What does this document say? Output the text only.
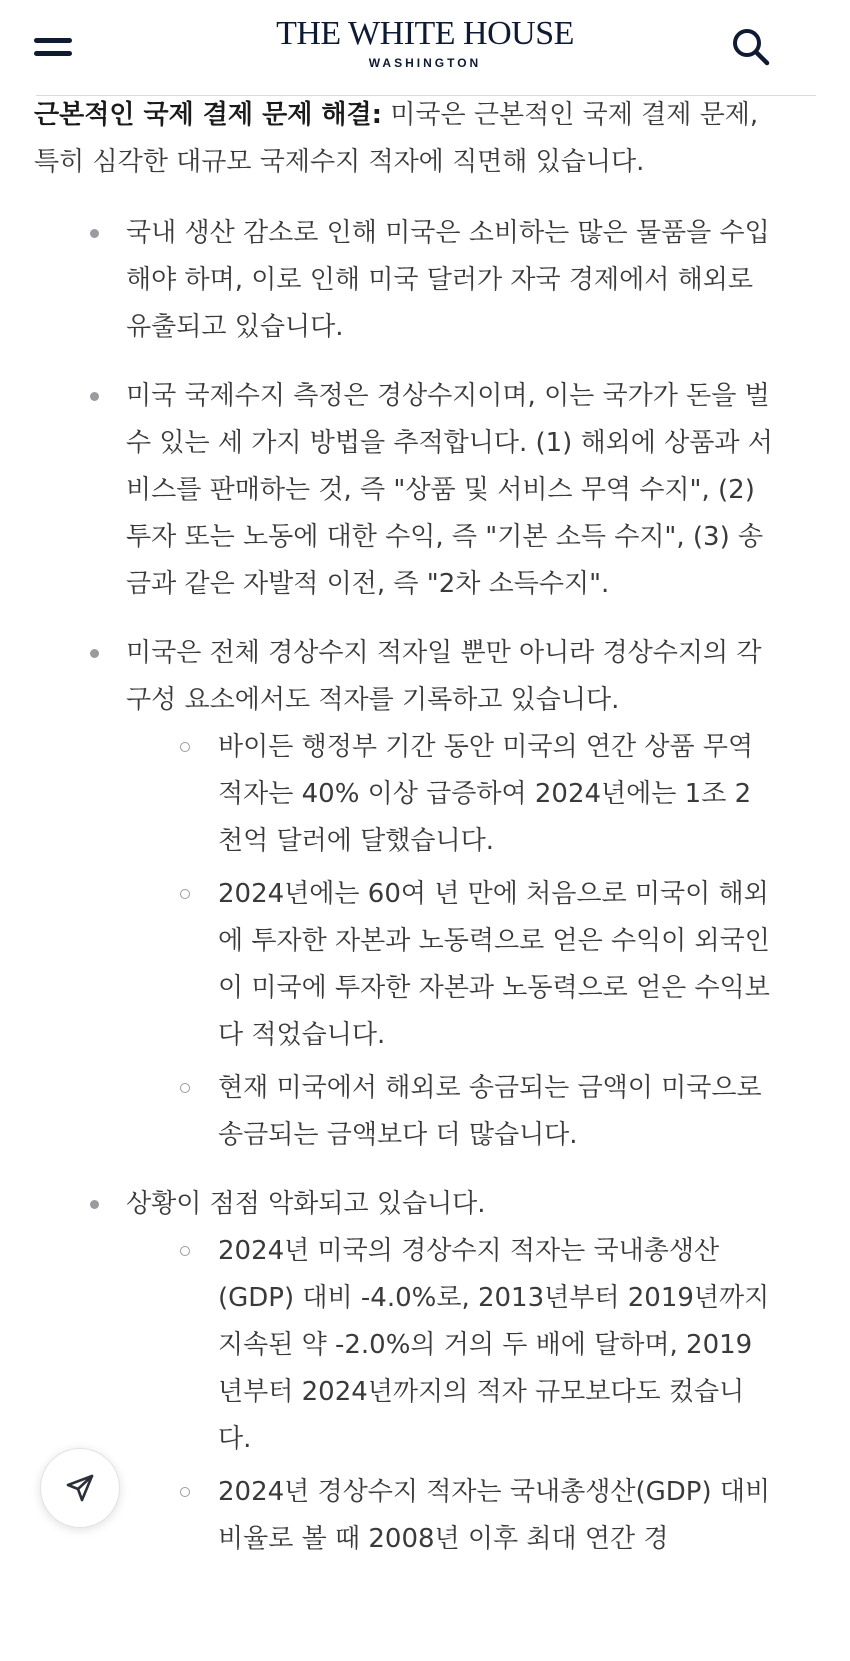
THE WHITE HOUSE
WASHINGTON

근본적인 국제 결제 문제 해결: 미국은 근본적인 국제 결제 문제, 특히 심각한 대규모 국제수지 적자에 직면해 있습니다.

국내 생산 감소로 인해 미국은 소비하는 많은 물품을 수입해야 하며, 이로 인해 미국 달러가 자국 경제에서 해외로 유출되고 있습니다.
미국 국제수지 측정은 경상수지이며, 이는 국가가 돈을 벌 수 있는 세 가지 방법을 추적합니다. (1) 해외에 상품과 서비스를 판매하는 것, 즉 "상품 및 서비스 무역 수지", (2) 투자 또는 노동에 대한 수익, 즉 "기본 소득 수지", (3) 송금과 같은 자발적 이전, 즉 "2차 소득수지".
미국은 전체 경상수지 적자일 뿐만 아니라 경상수지의 각 구성 요소에서도 적자를 기록하고 있습니다.
바이든 행정부 기간 동안 미국의 연간 상품 무역 적자는 40% 이상 급증하여 2024년에는 1조 2천억 달러에 달했습니다.
2024년에는 60여 년 만에 처음으로 미국이 해외에 투자한 자본과 노동력으로 얻은 수익이 외국인이 미국에 투자한 자본과 노동력으로 얻은 수익보다 적었습니다.
현재 미국에서 해외로 송금되는 금액이 미국으로 송금되는 금액보다 더 많습니다.
상황이 점점 악화되고 있습니다.
2024년 미국의 경상수지 적자는 국내총생산(GDP) 대비 -4.0%로, 2013년부터 2019년까지 지속된 약 -2.0%의 거의 두 배에 달하며, 2019년부터 2024년까지의 적자 규모보다도 컸습니다.
2024년 경상수지 적자는 국내총생산(GDP) 대비 비율로 볼 때 2008년 이후 최대 연간 경
